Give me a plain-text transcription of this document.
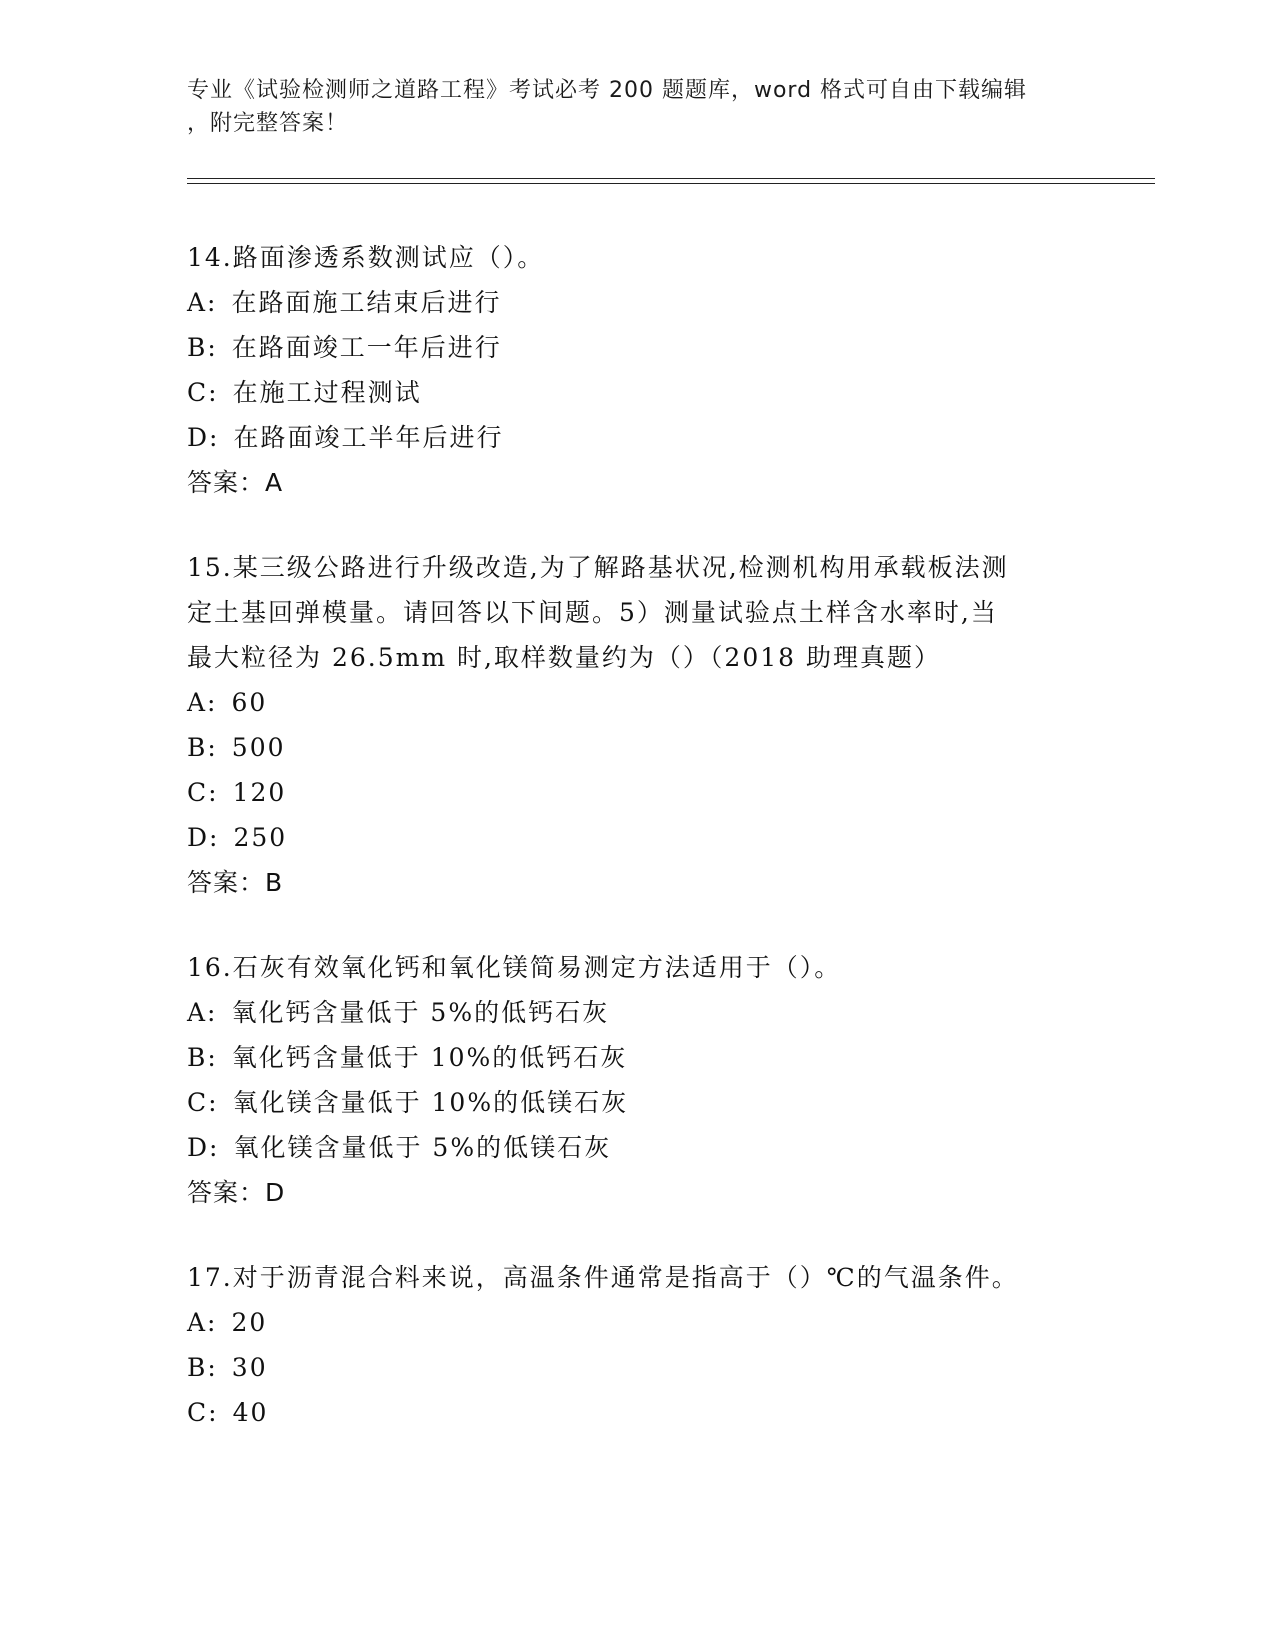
专业《试验检测师之道路工程》考试必考 200 题题库，word 格式可自由下载编辑
，附完整答案！
14.路面渗透系数测试应（）。
A: 在路面施工结束后进行
B: 在路面竣工一年后进行
C: 在施工过程测试
D: 在路面竣工半年后进行
答案：A
15.某三级公路进行升级改造,为了解路基状况,检测机构用承载板法测
定土基回弹模量。请回答以下间题。5）测量试验点土样含水率时,当
最大粒径为 26.5mm 时,取样数量约为（）（2018 助理真题）
A: 60
B: 500
C: 120
D: 250
答案：B
16.石灰有效氧化钙和氧化镁简易测定方法适用于（）。
A: 氧化钙含量低于 5%的低钙石灰
B: 氧化钙含量低于 10%的低钙石灰
C: 氧化镁含量低于 10%的低镁石灰
D: 氧化镁含量低于 5%的低镁石灰
答案：D
17.对于沥青混合料来说，高温条件通常是指高于（）℃的气温条件。
A: 20
B: 30
C: 40
